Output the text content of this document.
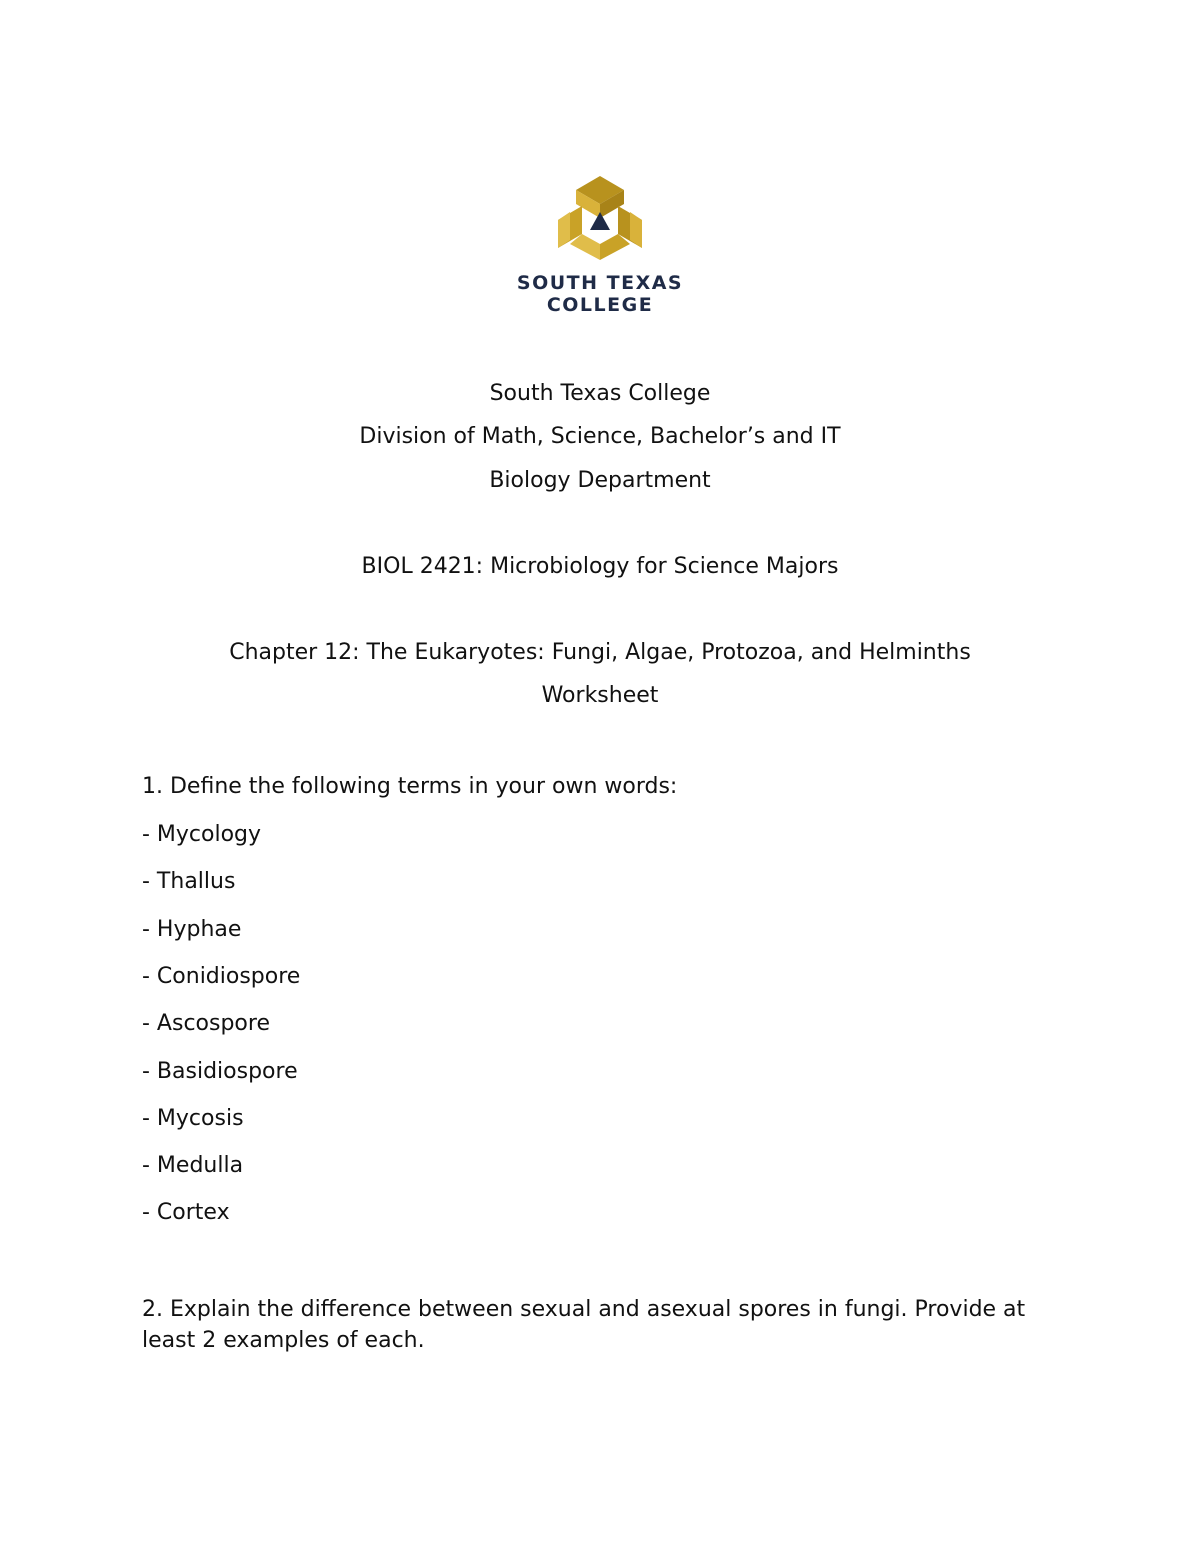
SOUTH TEXAS
COLLEGE
South Texas College
Division of Math, Science, Bachelor’s and IT
Biology Department
BIOL 2421: Microbiology for Science Majors
Chapter 12: The Eukaryotes: Fungi, Algae, Protozoa, and Helminths
Worksheet
1. Define the following terms in your own words:
- Mycology
- Thallus
- Hyphae
- Conidiospore
- Ascospore
- Basidiospore
- Mycosis
- Medulla
- Cortex
2. Explain the difference between sexual and asexual spores in fungi. Provide at least 2 examples of each.
